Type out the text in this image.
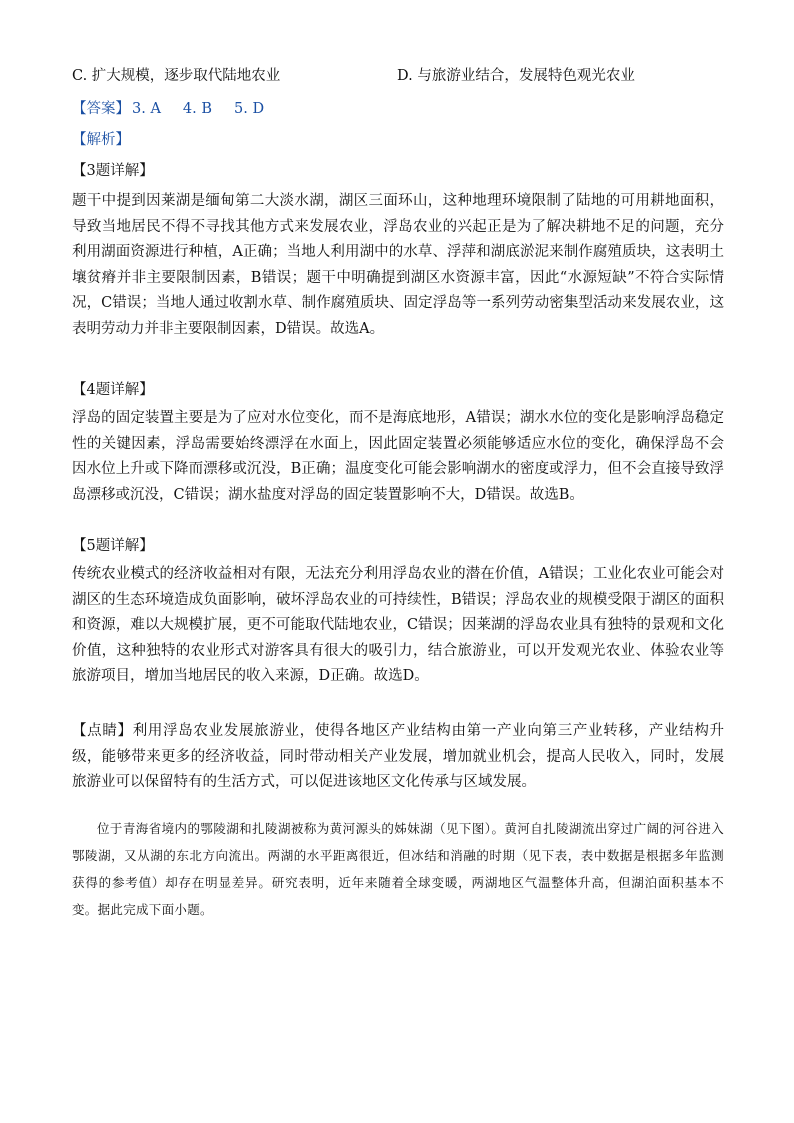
C. 扩大规模，逐步取代陆地农业	D. 与旅游业结合，发展特色观光农业
【答案】 3. A 4. B 5. D
【解析】
【3题详解】
题干中提到因莱湖是缅甸第二大淡水湖，湖区三面环山，这种地理环境限制了陆地的可用耕地面积，导致当地居民不得不寻找其他方式来发展农业，浮岛农业的兴起正是为了解决耕地不足的问题，充分利用湖面资源进行种植，A正确；当地人利用湖中的水草、浮萍和湖底淤泥来制作腐殖质块，这表明土壤贫瘠并非主要限制因素，B错误；题干中明确提到湖区水资源丰富，因此“水源短缺”不符合实际情况，C错误；当地人通过收割水草、制作腐殖质块、固定浮岛等一系列劳动密集型活动来发展农业，这表明劳动力并非主要限制因素，D错误。故选A。
【4题详解】
浮岛的固定装置主要是为了应对水位变化，而不是海底地形，A错误；湖水水位的变化是影响浮岛稳定性的关键因素，浮岛需要始终漂浮在水面上，因此固定装置必须能够适应水位的变化，确保浮岛不会因水位上升或下降而漂移或沉没，B正确；温度变化可能会影响湖水的密度或浮力，但不会直接导致浮岛漂移或沉没，C错误；湖水盐度对浮岛的固定装置影响不大，D错误。故选B。
【5题详解】
传统农业模式的经济收益相对有限，无法充分利用浮岛农业的潜在价值，A错误；工业化农业可能会对湖区的生态环境造成负面影响，破坏浮岛农业的可持续性，B错误；浮岛农业的规模受限于湖区的面积和资源，难以大规模扩展，更不可能取代陆地农业，C错误；因莱湖的浮岛农业具有独特的景观和文化价值，这种独特的农业形式对游客具有很大的吸引力，结合旅游业，可以开发观光农业、体验农业等旅游项目，增加当地居民的收入来源，D正确。故选D。
【点睛】利用浮岛农业发展旅游业，使得各地区产业结构由第一产业向第三产业转移，产业结构升级，能够带来更多的经济收益，同时带动相关产业发展，增加就业机会，提高人民收入，同时，发展旅游业可以保留特有的生活方式，可以促进该地区文化传承与区域发展。
位于青海省境内的鄂陵湖和扎陵湖被称为黄河源头的姊妹湖（见下图）。黄河自扎陵湖流出穿过广阔的河谷进入鄂陵湖，又从湖的东北方向流出。两湖的水平距离很近，但冰结和消融的时期（见下表，表中数据是根据多年监测获得的参考值）却存在明显差异。研究表明，近年来随着全球变暖，两湖地区气温整体升高，但湖泊面积基本不变。据此完成下面小题。
